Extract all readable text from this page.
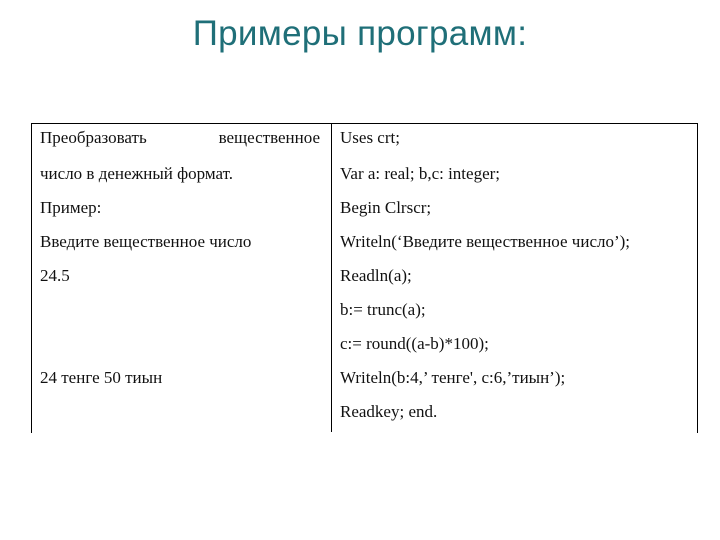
Примеры программ:
Преобразовать	вещественное
число в денежный формат.
Пример:
Введите вещественное число
24.5
24 тенге 50 тиын
Uses crt;
Var a: real; b,c: integer;
Begin Clrscr;
Writeln(‘Введите вещественное число’);
Readln(a);
b:= trunc(a);
c:= round((a-b)*100);
Writeln(b:4,’ тенге', c:6,’тиын’);
Readkey; end.
